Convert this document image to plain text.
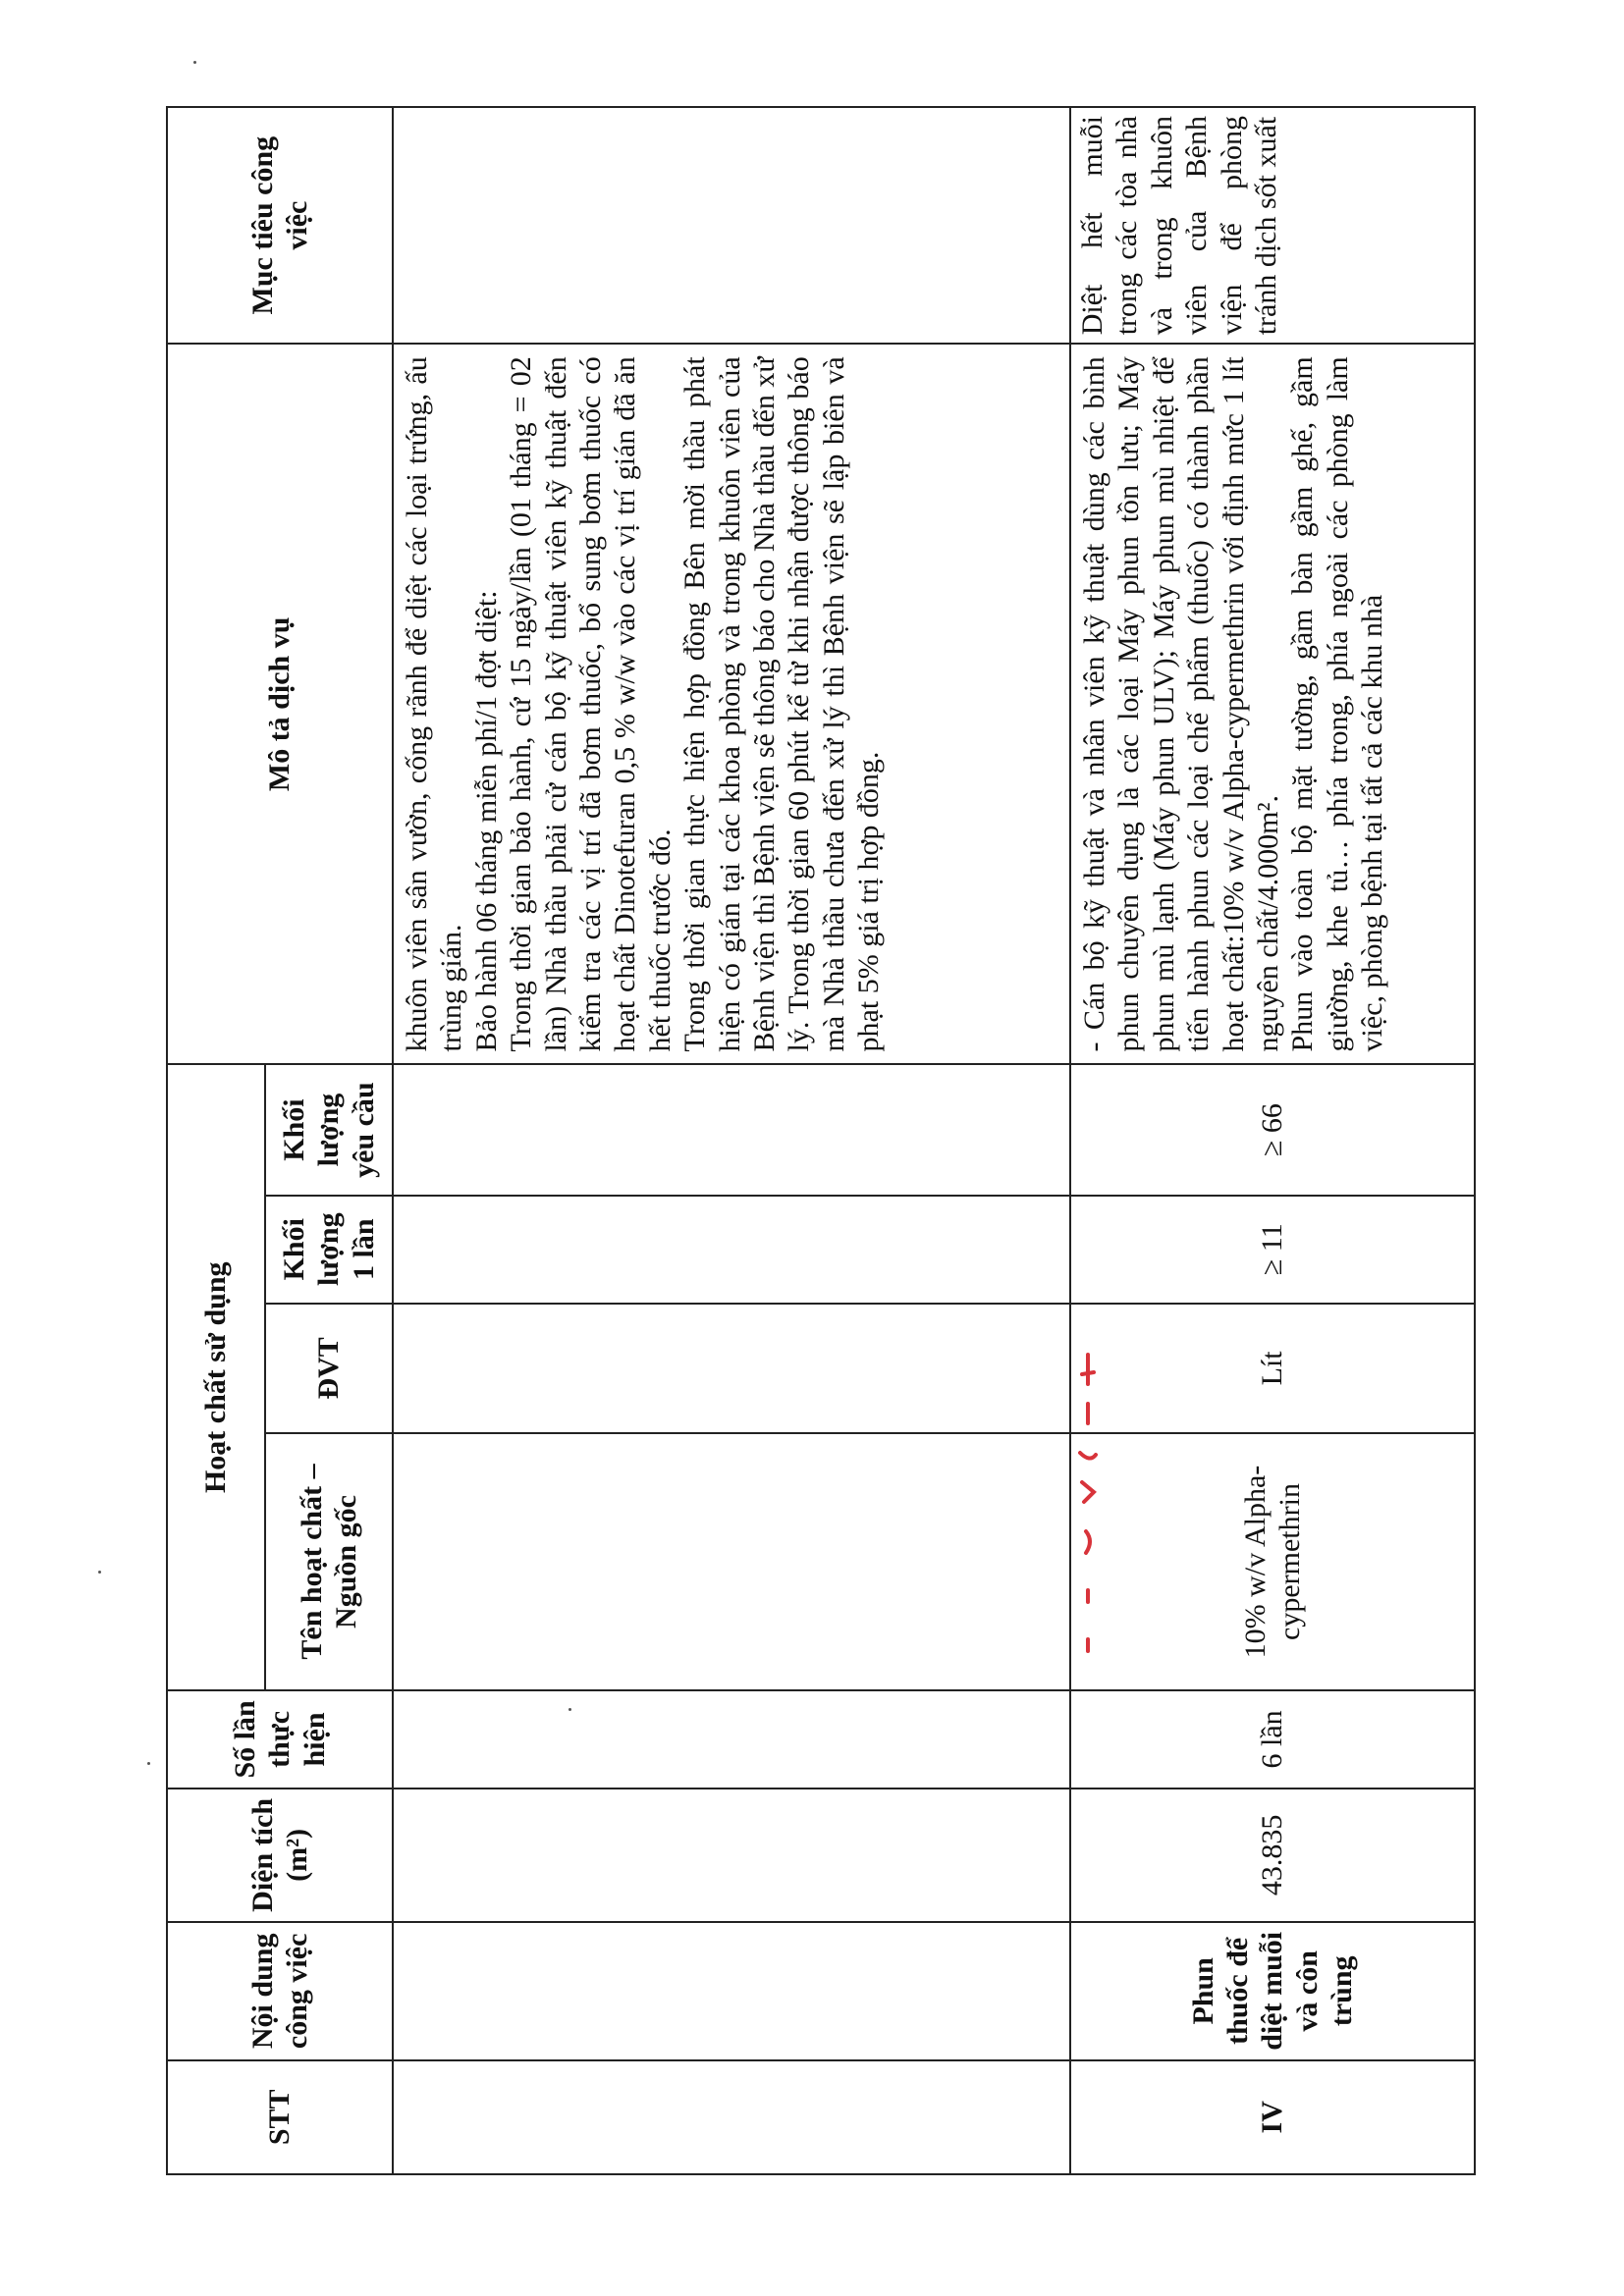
STT	Nội dung công việc	Diện tích (m²)	Số lần thực hiện	Hoạt chất sử dụng				Mô tả dịch vụ	Mục tiêu công việc
				Tên hoạt chất – Nguồn gốc	ĐVT	Khối lượng 1 lần	Khối lượng yêu cầu		

								khuôn viên sân vườn, cống rãnh để diệt các loại trứng, ấu trùng gián. Bảo hành 06 tháng miễn phí/1 đợt diệt: Trong thời gian bảo hành, cứ 15 ngày/lần (01 tháng = 02 lần) Nhà thầu phải cử cán bộ kỹ thuật viên kỹ thuật đến kiểm tra các vị trí đã bơm thuốc, bổ sung bơm thuốc có hoạt chất Dinotefuran 0,5 % w/w vào các vị trí gián đã ăn hết thuốc trước đó. Trong thời gian thực hiện hợp đồng Bên mời thầu phát hiện có gián tại các khoa phòng và trong khuôn viên của Bệnh viện thì Bệnh viện sẽ thông báo cho Nhà thầu đến xử lý. Trong thời gian 60 phút kể từ khi nhận được thông báo mà Nhà thầu chưa đến xử lý thì Bệnh viện sẽ lập biên và phạt 5% giá trị hợp đồng.	

IV	Phun thuốc để diệt muỗi và côn trùng	43.835	6 lần	10% w/v Alpha-cypermethrin	Lít	≥ 11	≥ 66	- Cán bộ kỹ thuật và nhân viên kỹ thuật dùng các bình phun chuyên dụng là các loại Máy phun tồn lưu; Máy phun mù lạnh (Máy phun ULV); Máy phun mù nhiệt để tiến hành phun các loại chế phẩm (thuốc) có thành phần hoạt chất:10% w/v Alpha-cypermethrin với định mức 1 lít nguyên chất/4.000m². Phun vào toàn bộ mặt tường, gầm bàn gầm ghế, gầm giường, khe tủ… phía trong, phía ngoài các phòng làm việc, phòng bệnh tại tất cả các khu nhà	Diệt hết muỗi trong các tòa nhà và trong khuôn viên của Bệnh viện để phòng tránh dịch sốt xuất
